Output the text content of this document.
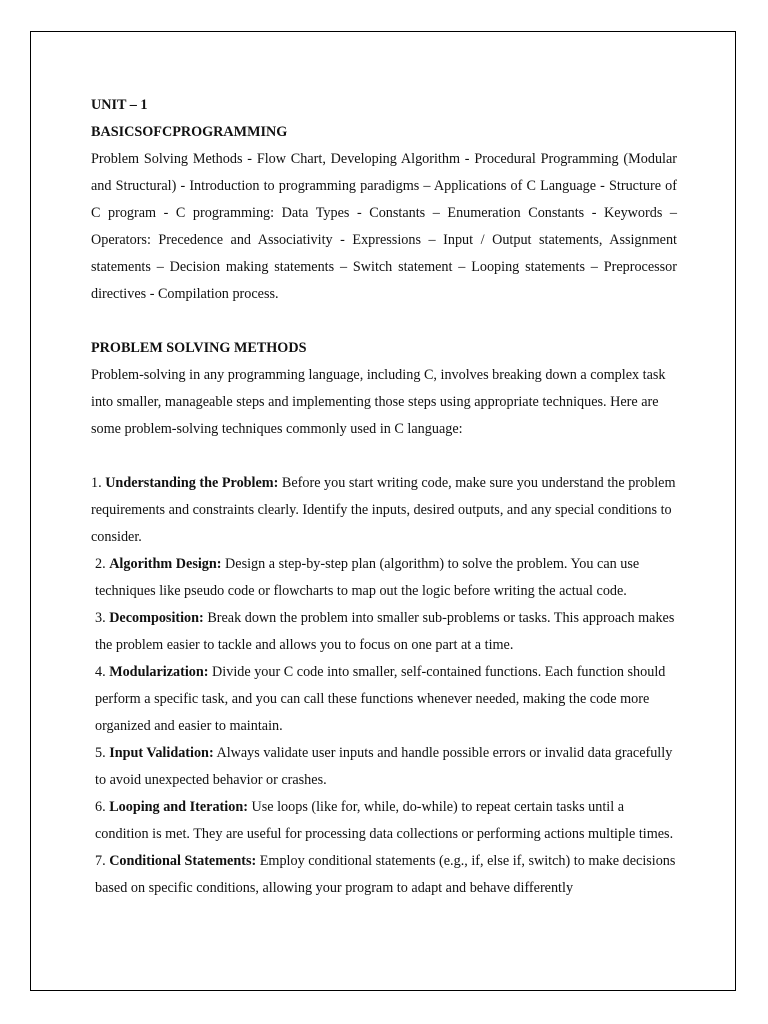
UNIT – 1

BASICSOFCPROGRAMMING

Problem Solving Methods - Flow Chart, Developing Algorithm - Procedural Programming (Modular and Structural) - Introduction to programming paradigms – Applications of C Language - Structure of C program - C programming: Data Types - Constants – Enumeration Constants - Keywords – Operators: Precedence and Associativity - Expressions – Input / Output statements, Assignment statements – Decision making statements – Switch statement – Looping statements – Preprocessor directives - Compilation process.

PROBLEM SOLVING METHODS

Problem-solving in any programming language, including C, involves breaking down a complex task into smaller, manageable steps and implementing those steps using appropriate techniques. Here are some problem-solving techniques commonly used in C language:

1. Understanding the Problem: Before you start writing code, make sure you understand the problem requirements and constraints clearly. Identify the inputs, desired outputs, and any special conditions to consider.

2. Algorithm Design: Design a step-by-step plan (algorithm) to solve the problem. You can use techniques like pseudo code or flowcharts to map out the logic before writing the actual code.

3. Decomposition: Break down the problem into smaller sub-problems or tasks. This approach makes the problem easier to tackle and allows you to focus on one part at a time.

4. Modularization: Divide your C code into smaller, self-contained functions. Each function should perform a specific task, and you can call these functions whenever needed, making the code more organized and easier to maintain.

5. Input Validation: Always validate user inputs and handle possible errors or invalid data gracefully to avoid unexpected behavior or crashes.

6. Looping and Iteration: Use loops (like for, while, do-while) to repeat certain tasks until a condition is met. They are useful for processing data collections or performing actions multiple times.

7. Conditional Statements: Employ conditional statements (e.g., if, else if, switch) to make decisions based on specific conditions, allowing your program to adapt and behave differently
